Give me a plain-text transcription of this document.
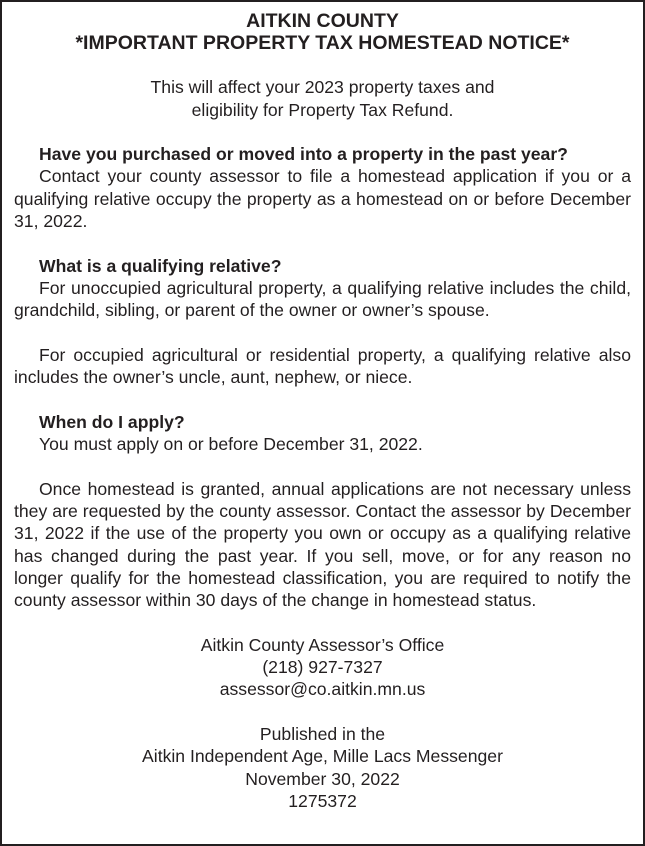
AITKIN COUNTY

*IMPORTANT PROPERTY TAX HOMESTEAD NOTICE*

This will affect your 2023 property taxes and

eligibility for Property Tax Refund.

Have you purchased or moved into a property in the past year?

Contact your county assessor to file a homestead application if you or a qualifying relative occupy the property as a homestead on or before December 31, 2022.

What is a qualifying relative?

For unoccupied agricultural property, a qualifying relative includes the child, grandchild, sibling, or parent of the owner or owner’s spouse.

For occupied agricultural or residential property, a qualifying relative also includes the owner’s uncle, aunt, nephew, or niece.

When do I apply?

You must apply on or before December 31, 2022.

Once homestead is granted, annual applications are not necessary unless they are requested by the county assessor. Contact the assessor by December 31, 2022 if the use of the property you own or occupy as a qualifying relative has changed during the past year. If you sell, move, or for any reason no longer qualify for the homestead classification, you are required to notify the county assessor within 30 days of the change in homestead status.

Aitkin County Assessor’s Office

(218) 927-7327

assessor@co.aitkin.mn.us

Published in the

Aitkin Independent Age, Mille Lacs Messenger

November 30, 2022

1275372
